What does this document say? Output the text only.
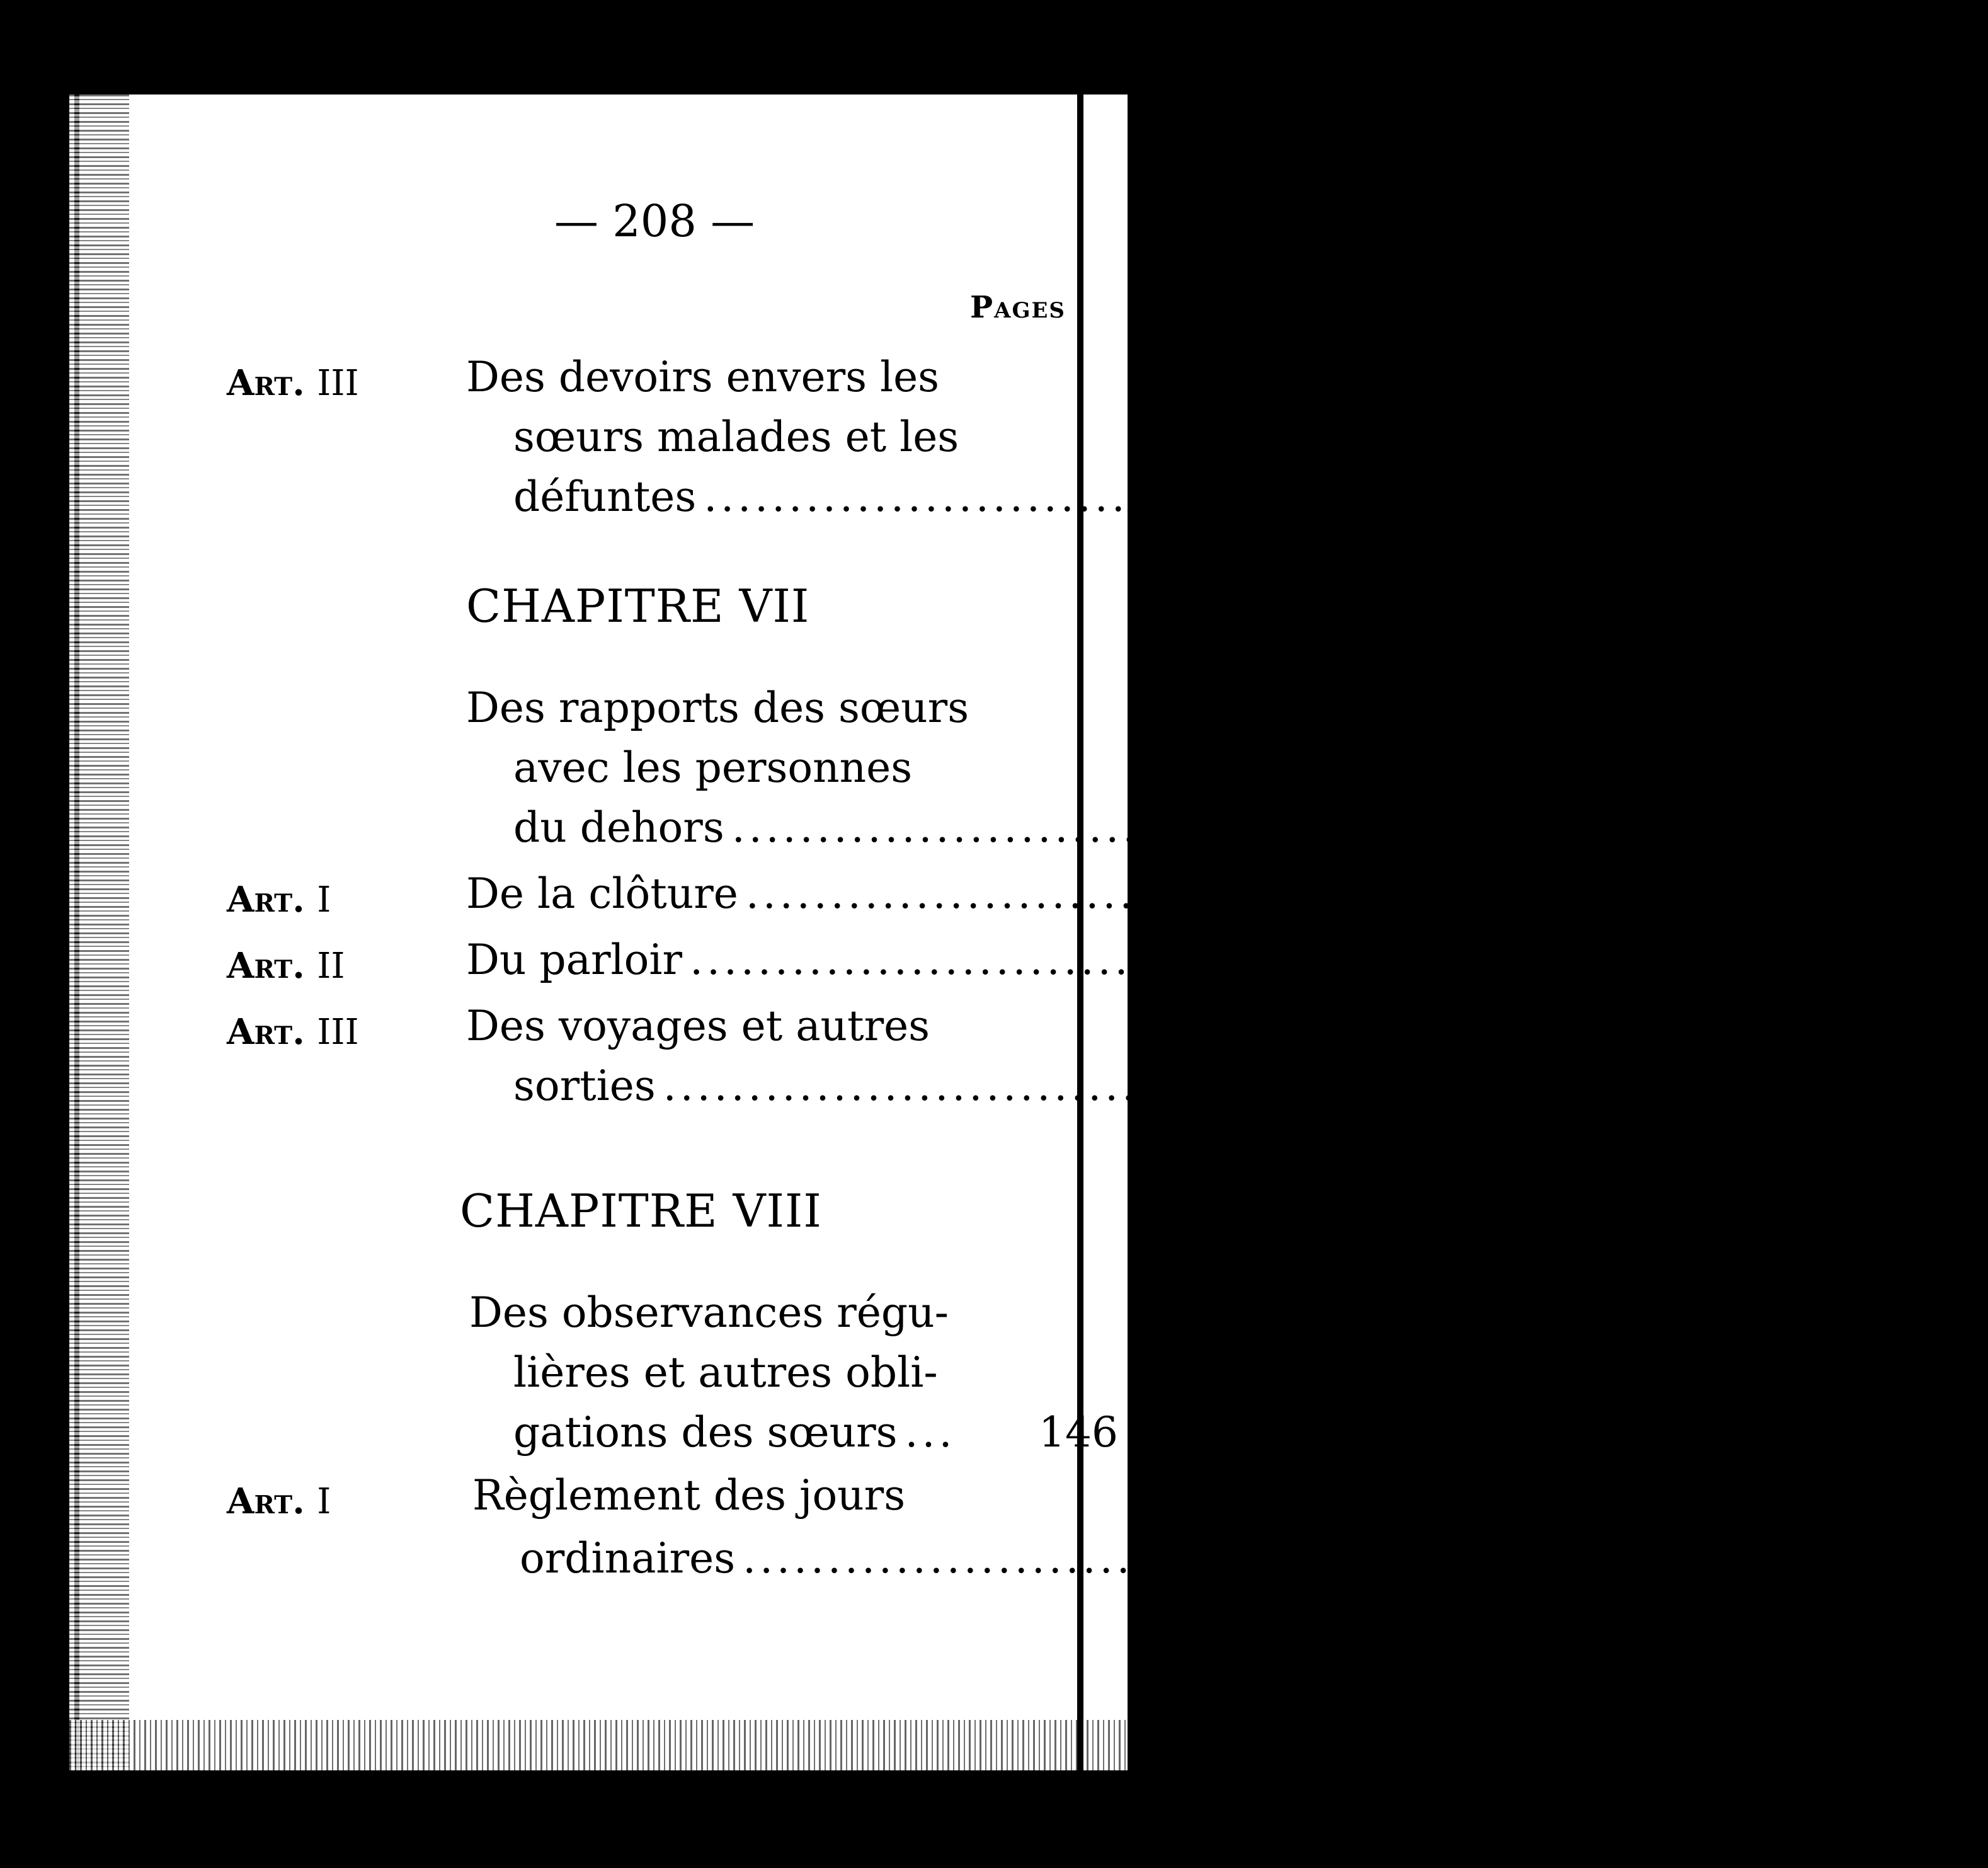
— 208 —
Pages
Art. III	Des devoirs envers les
sœurs malades et les
défuntes .................................................................... 131
CHAPITRE VII
Des rapports des sœurs
avec les personnes
du dehors .................................................................... 136
Art. I	De la clôture .................................................................... 136
Art. II	Du parloir .................................................................... 137
Art. III	Des voyages et autres
sorties .................................................................... 140
CHAPITRE VIII
Des observances régu-
lières et autres obli-
gations des sœurs ...	146
Art. I	Règlement des jours
ordinaires .................................................................... 146
